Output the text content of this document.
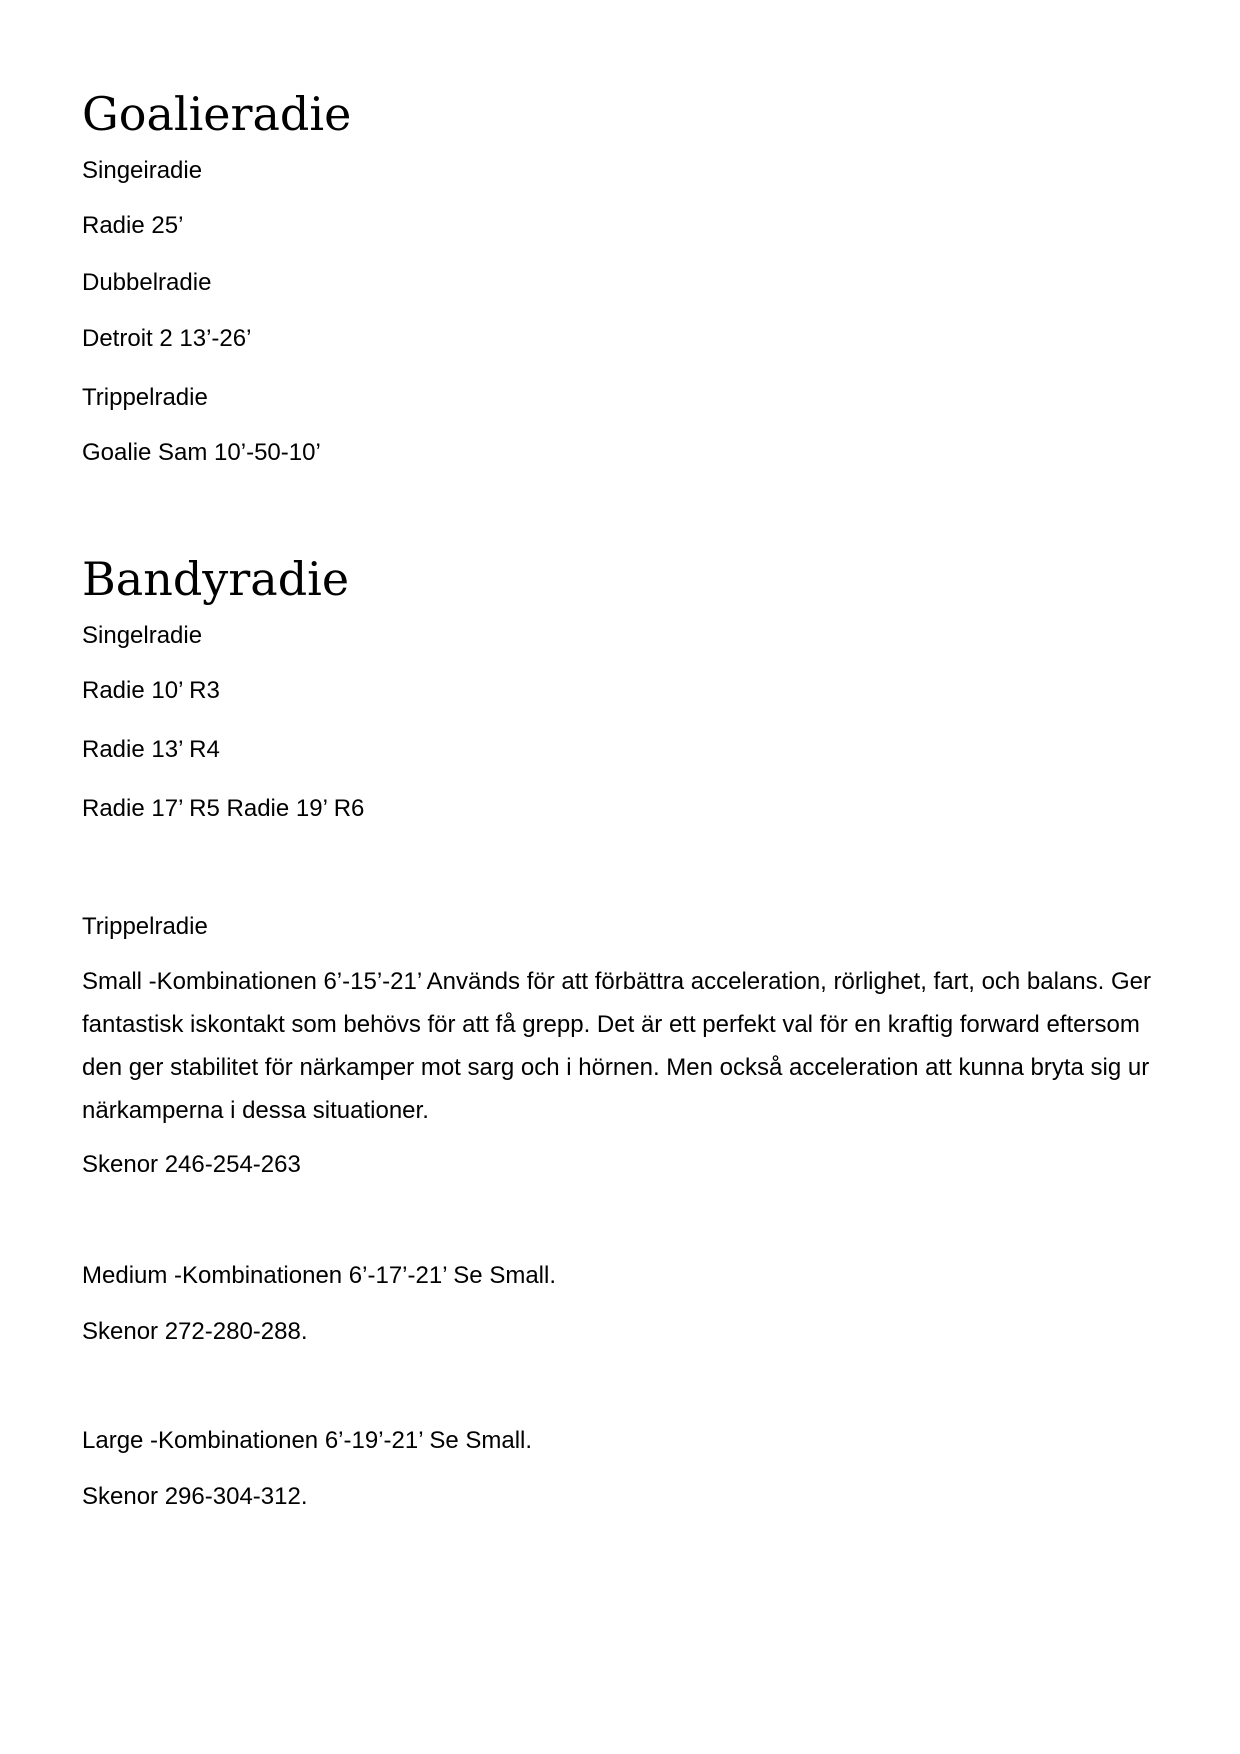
Goalieradie

Singeiradie

Radie 25’

Dubbelradie

Detroit 2 13’-26’

Trippelradie

Goalie Sam 10’-50-10’

Bandyradie

Singelradie

Radie 10’ R3

Radie 13’ R4

Radie 17’ R5 Radie 19’ R6

Trippelradie

Small -Kombinationen 6’-15’-21’ Används för att förbättra acceleration, rörlighet, fart, och balans. Ger fantastisk iskontakt som behövs för att få grepp. Det är ett perfekt val för en kraftig forward eftersom den ger stabilitet för närkamper mot sarg och i hörnen. Men också acceleration att kunna bryta sig ur närkamperna i dessa situationer.

Skenor 246-254-263

Medium -Kombinationen 6’-17’-21’ Se Small.

Skenor 272-280-288.

Large -Kombinationen 6’-19’-21’ Se Small.

Skenor 296-304-312.
